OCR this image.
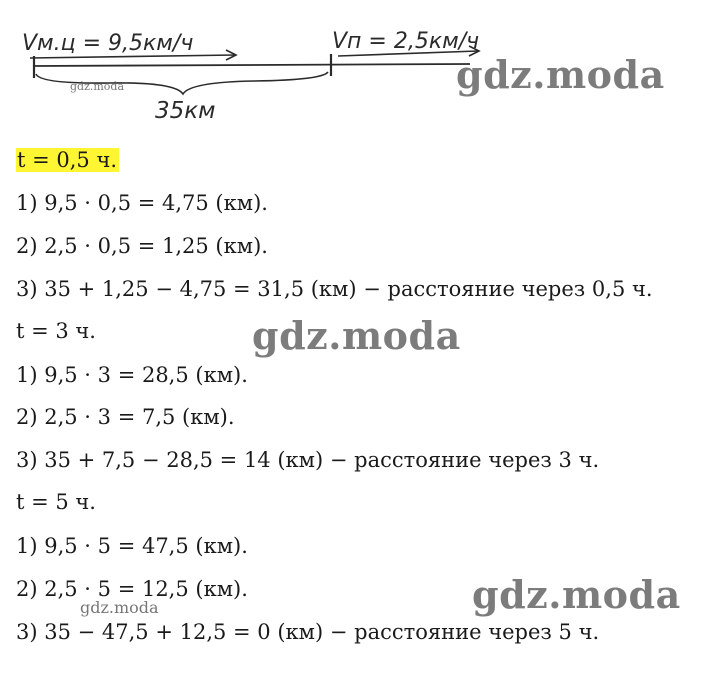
Vм.ц = 9,5км/ч	Vп = 2,5км/ч
35км
gdz.moda
gdz.moda
gdz.moda
gdz.moda
gdz.moda
t = 0,5 ч.
1) 9,5 · 0,5 = 4,75 (км).
2) 2,5 · 0,5 = 1,25 (км).
3) 35 + 1,25 − 4,75 = 31,5 (км) − расстояние через 0,5 ч.
t = 3 ч.
1) 9,5 · 3 = 28,5 (км).
2) 2,5 · 3 = 7,5 (км).
3) 35 + 7,5 − 28,5 = 14 (км) − расстояние через 3 ч.
t = 5 ч.
1) 9,5 · 5 = 47,5 (км).
2) 2,5 · 5 = 12,5 (км).
3) 35 − 47,5 + 12,5 = 0 (км) − расстояние через 5 ч.
